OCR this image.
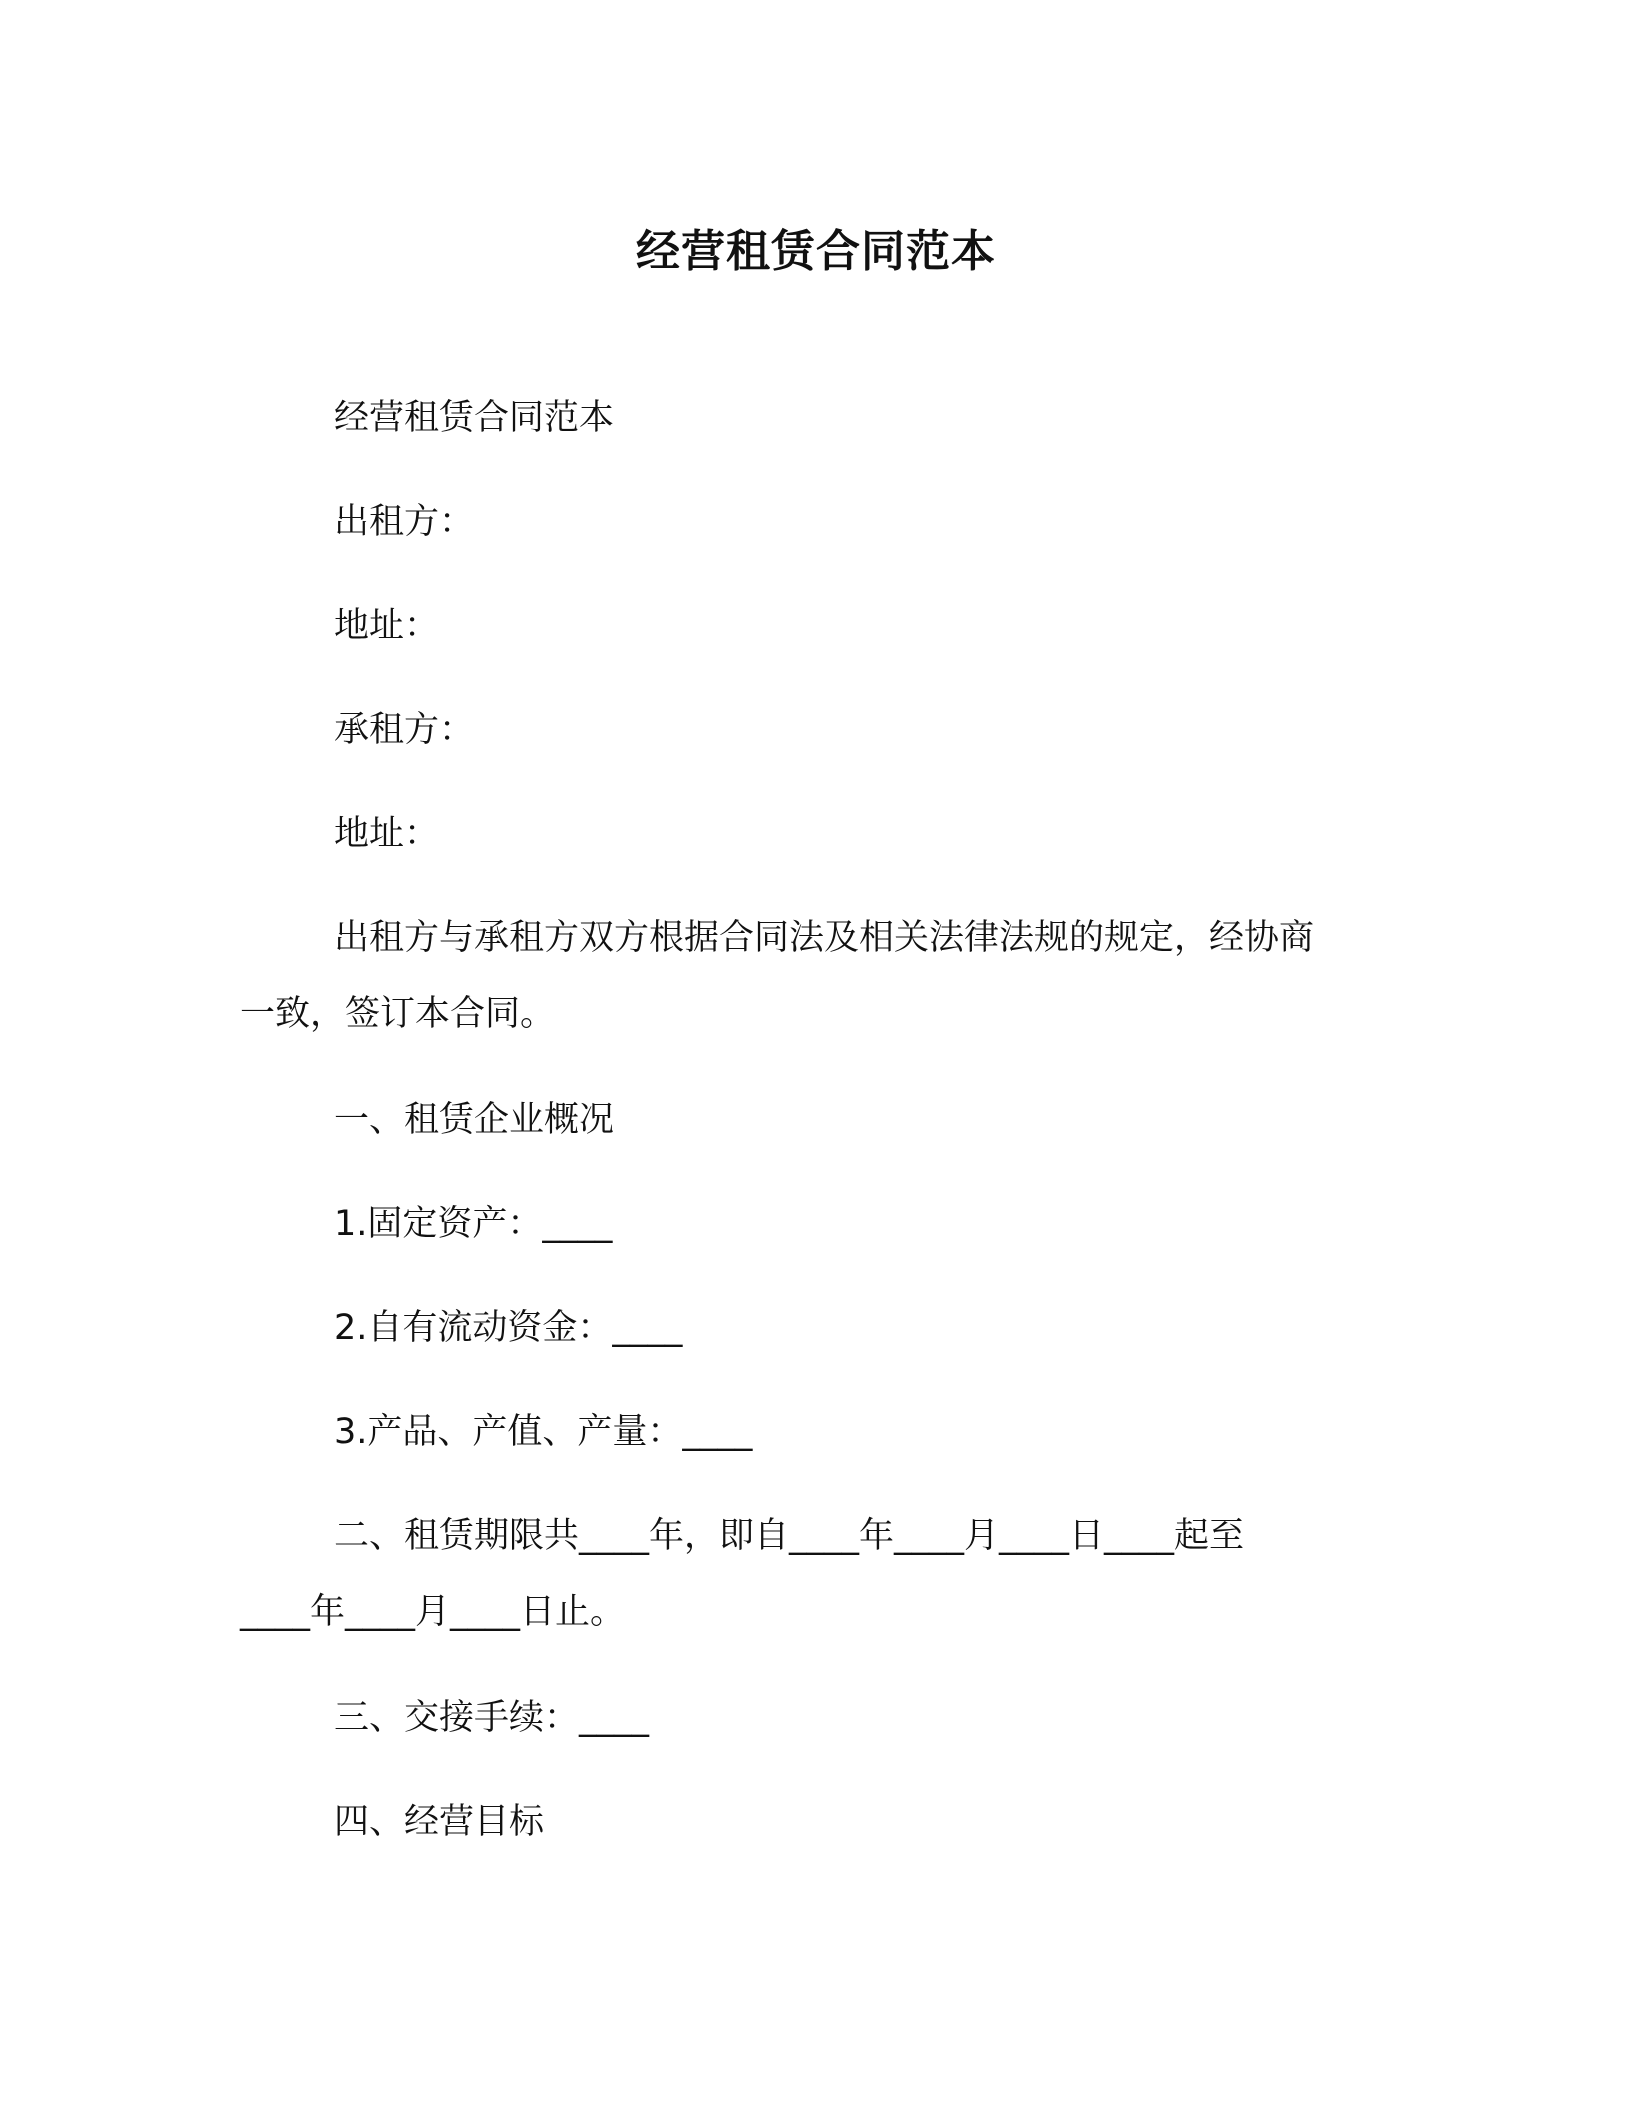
经营租赁合同范本

经营租赁合同范本

出租方：

地址：

承租方：

地址：

出租方与承租方双方根据合同法及相关法律法规的规定，经协商
一致，签订本合同。

一、租赁企业概况

1.固定资产：____

2.自有流动资金：____

3.产品、产值、产量：____

二、租赁期限共____年，即自____年____月____日____起至
____年____月____日止。

三、交接手续：____

四、经营目标
